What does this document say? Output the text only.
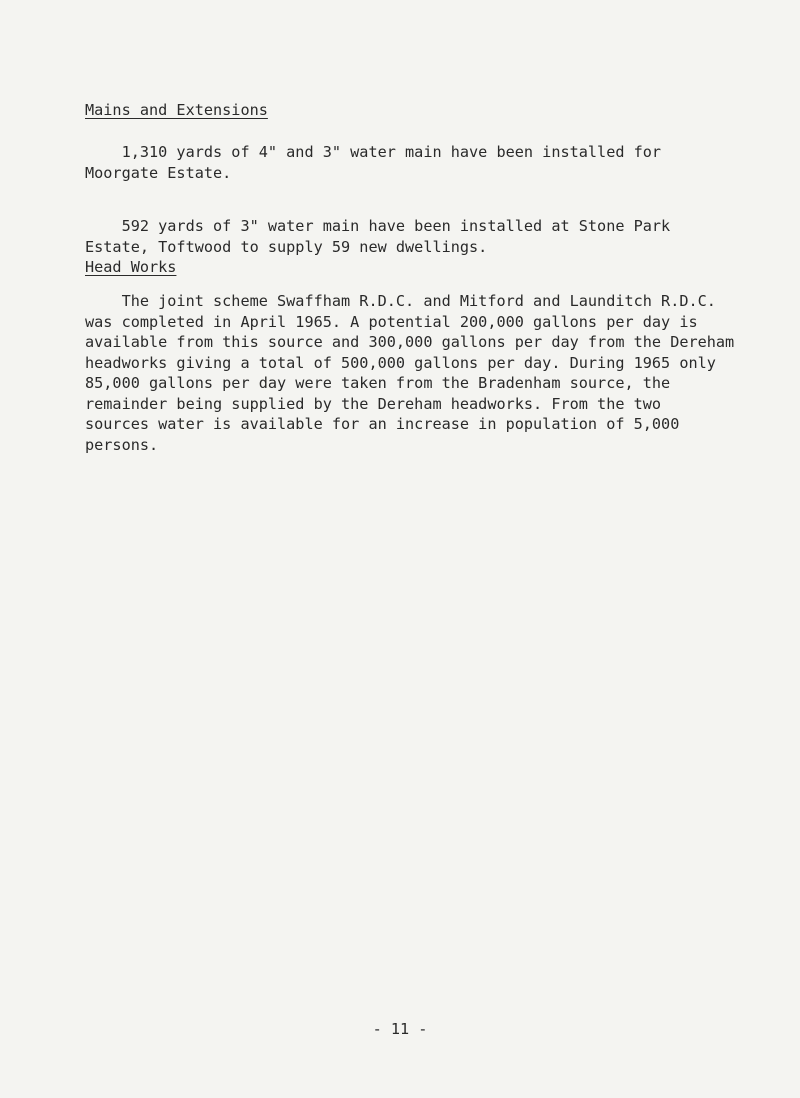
Mains and Extensions

1,310 yards of 4" and 3" water main have been installed for
Moorgate Estate.

592 yards of 3" water main have been installed at Stone Park
Estate, Toftwood to supply 59 new dwellings.

Head Works

The joint scheme Swaffham R.D.C. and Mitford and Launditch R.D.C.
was completed in April 1965. A potential 200,000 gallons per day is
available from this source and 300,000 gallons per day from the Dereham
headworks giving a total of 500,000 gallons per day. During 1965 only
85,000 gallons per day were taken from the Bradenham source, the
remainder being supplied by the Dereham headworks. From the two
sources water is available for an increase in population of 5,000
persons.

- 11 -
